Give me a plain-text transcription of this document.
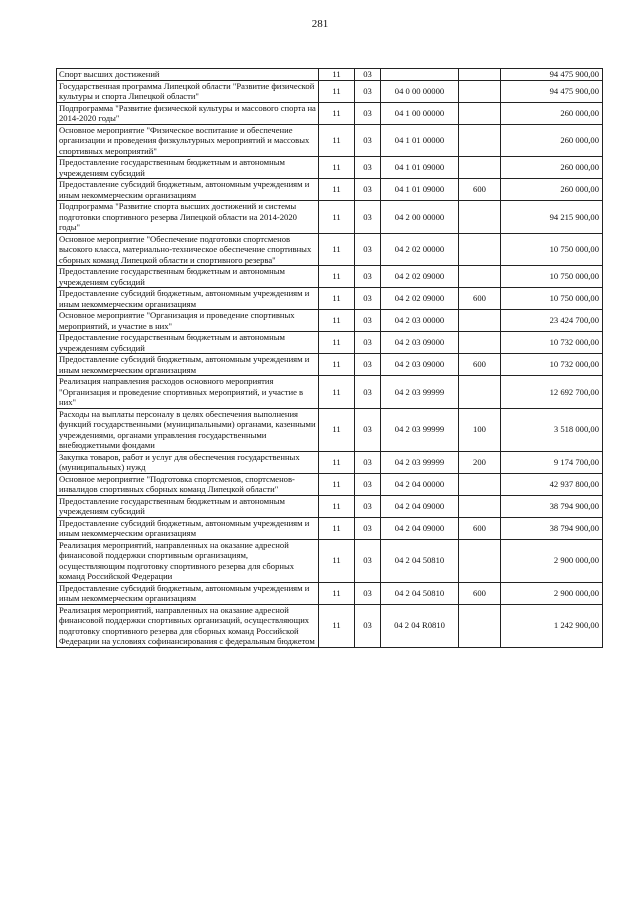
281
Спорт высших достижений	11	03			94 475 900,00
Государственная программа Липецкой области "Развитие физической культуры и спорта Липецкой области"	11	03	04 0 00 00000		94 475 900,00
Подпрограмма "Развитие физической культуры и массового спорта на 2014-2020 годы"	11	03	04 1 00 00000		260 000,00
Основное мероприятие "Физическое воспитание и обеспечение организации и проведения физкультурных мероприятий и массовых спортивных мероприятий"	11	03	04 1 01 00000		260 000,00
Предоставление государственным бюджетным и автономным учреждениям субсидий	11	03	04 1 01 09000		260 000,00
Предоставление субсидий бюджетным, автономным учреждениям и иным некоммерческим организациям	11	03	04 1 01 09000	600	260 000,00
Подпрограмма "Развитие спорта высших достижений и системы подготовки спортивного резерва Липецкой области на 2014-2020 годы"	11	03	04 2 00 00000		94 215 900,00
Основное мероприятие "Обеспечение подготовки спортсменов высокого класса, материально-техническое обеспечение спортивных сборных команд Липецкой области и спортивного резерва"	11	03	04 2 02 00000		10 750 000,00
Предоставление государственным бюджетным и автономным учреждениям субсидий	11	03	04 2 02 09000		10 750 000,00
Предоставление субсидий бюджетным, автономным учреждениям и иным некоммерческим организациям	11	03	04 2 02 09000	600	10 750 000,00
Основное мероприятие "Организация и проведение спортивных мероприятий, и участие в них"	11	03	04 2 03 00000		23 424 700,00
Предоставление государственным бюджетным и автономным учреждениям субсидий	11	03	04 2 03 09000		10 732 000,00
Предоставление субсидий бюджетным, автономным учреждениям и иным некоммерческим организациям	11	03	04 2 03 09000	600	10 732 000,00
Реализация направления расходов основного мероприятия "Организация и проведение спортивных мероприятий, и участие в них"	11	03	04 2 03 99999		12 692 700,00
Расходы на выплаты персоналу в целях обеспечения выполнения функций государственными (муниципальными) органами, казенными учреждениями, органами управления государственными внебюджетными фондами	11	03	04 2 03 99999	100	3 518 000,00
Закупка товаров, работ и услуг для обеспечения государственных (муниципальных) нужд	11	03	04 2 03 99999	200	9 174 700,00
Основное мероприятие "Подготовка спортсменов, спортсменов-инвалидов спортивных сборных команд Липецкой области"	11	03	04 2 04 00000		42 937 800,00
Предоставление государственным бюджетным и автономным учреждениям субсидий	11	03	04 2 04 09000		38 794 900,00
Предоставление субсидий бюджетным, автономным учреждениям и иным некоммерческим организациям	11	03	04 2 04 09000	600	38 794 900,00
Реализация мероприятий, направленных на оказание адресной финансовой поддержки спортивным организациям, осуществляющим подготовку спортивного резерва для сборных команд Российской Федерации	11	03	04 2 04 50810		2 900 000,00
Предоставление субсидий бюджетным, автономным учреждениям и иным некоммерческим организациям	11	03	04 2 04 50810	600	2 900 000,00
Реализация мероприятий, направленных на оказание адресной финансовой поддержки спортивных организаций, осуществляющих подготовку спортивного резерва для сборных команд Российской Федерации на условиях софинансирования с федеральным бюджетом	11	03	04 2 04 R0810		1 242 900,00
